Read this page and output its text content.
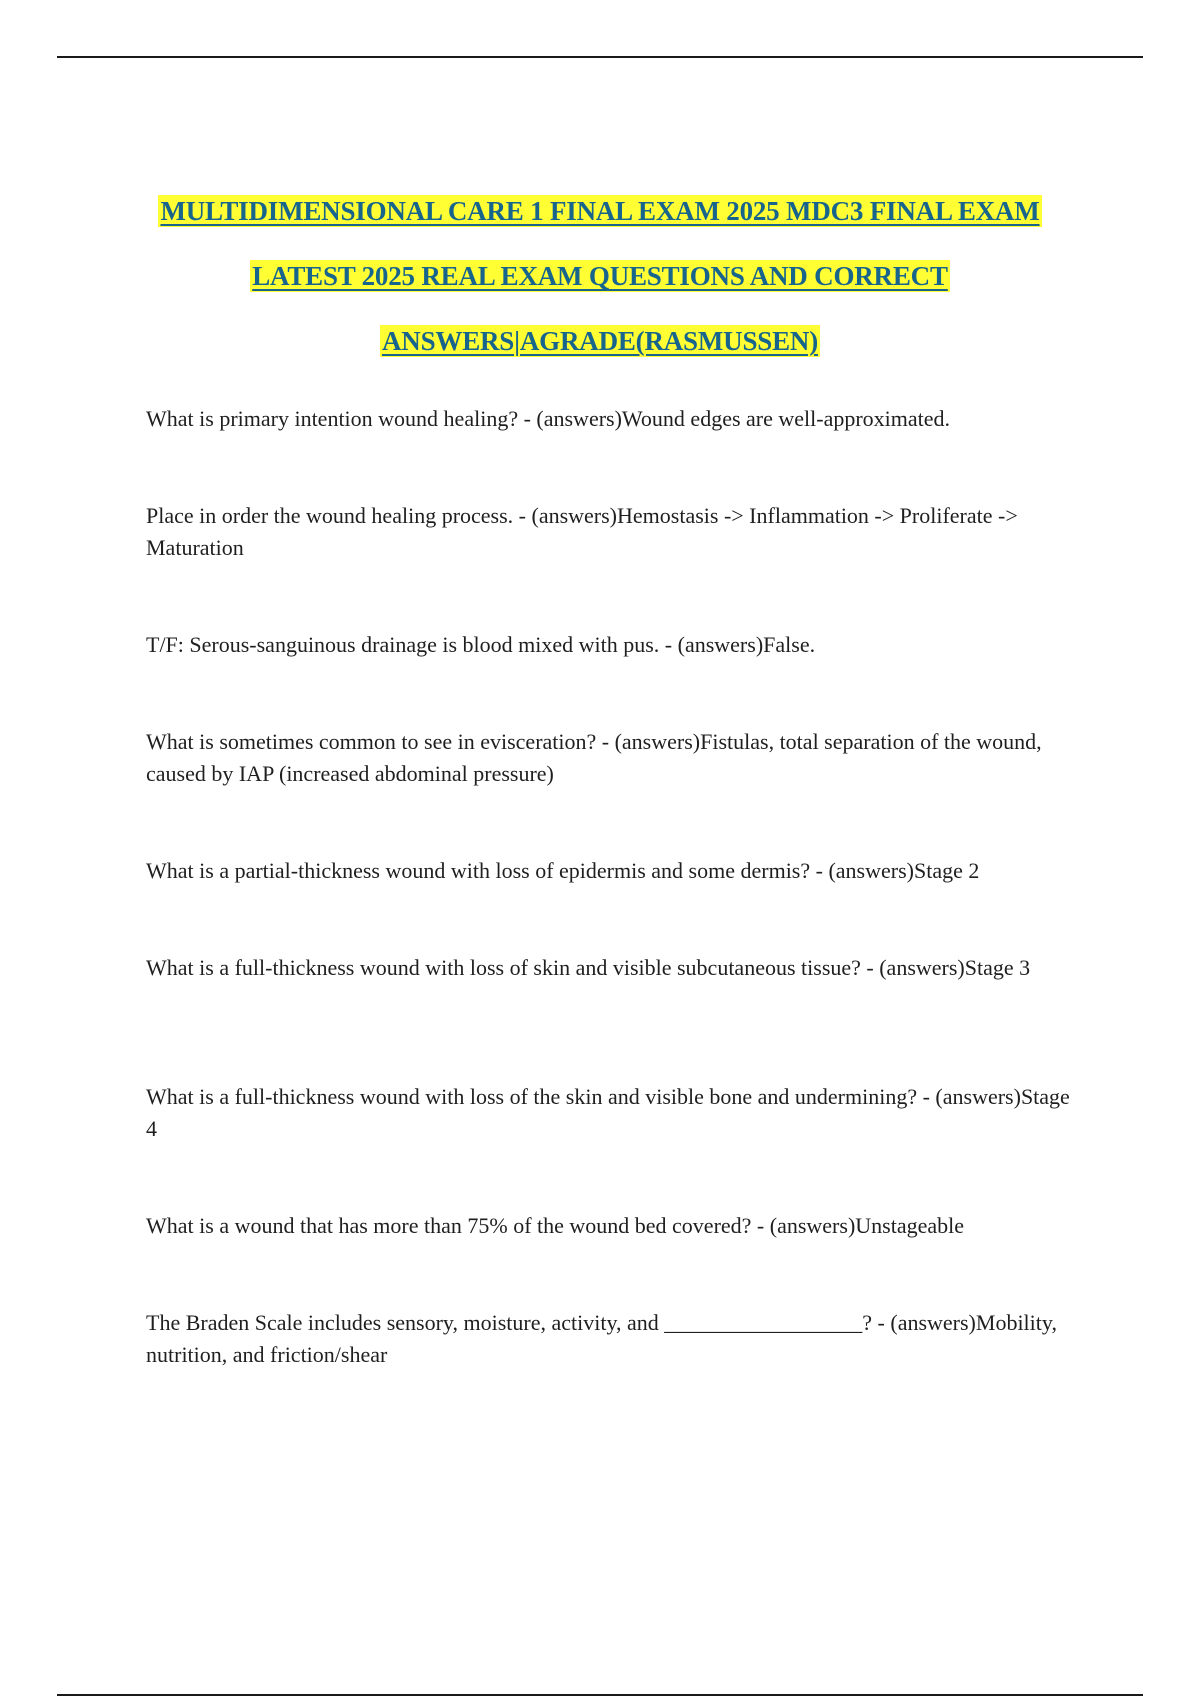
MULTIDIMENSIONAL CARE 1 FINAL EXAM 2025 MDC3 FINAL EXAM
LATEST 2025 REAL EXAM QUESTIONS AND CORRECT
ANSWERS|AGRADE(RASMUSSEN)

What is primary intention wound healing? - (answers)Wound edges are well-approximated.

Place in order the wound healing process. - (answers)Hemostasis -> Inflammation -> Proliferate -> Maturation

T/F: Serous-sanguinous drainage is blood mixed with pus. - (answers)False.

What is sometimes common to see in evisceration? - (answers)Fistulas, total separation of the wound, caused by IAP (increased abdominal pressure)

What is a partial-thickness wound with loss of epidermis and some dermis? - (answers)Stage 2

What is a full-thickness wound with loss of skin and visible subcutaneous tissue? - (answers)Stage 3

What is a full-thickness wound with loss of the skin and visible bone and undermining? - (answers)Stage 4

What is a wound that has more than 75% of the wound bed covered? - (answers)Unstageable

The Braden Scale includes sensory, moisture, activity, and __________________? - (answers)Mobility, nutrition, and friction/shear
